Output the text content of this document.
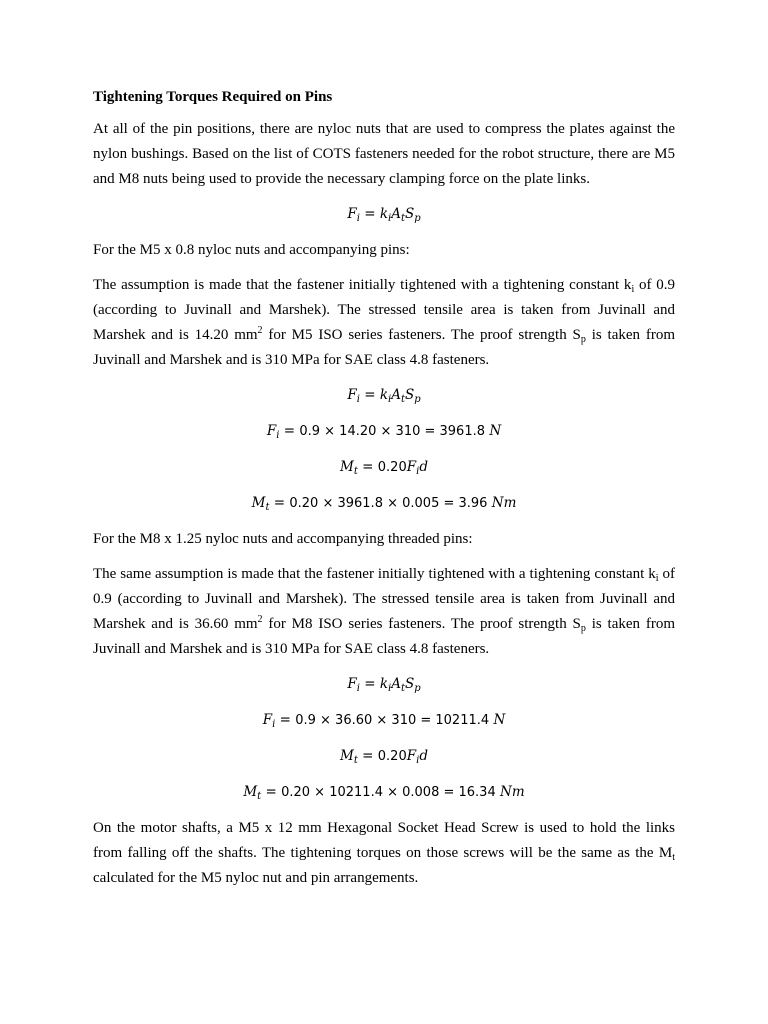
Tightening Torques Required on Pins

At all of the pin positions, there are nyloc nuts that are used to compress the plates against the nylon bushings. Based on the list of COTS fasteners needed for the robot structure, there are M5 and M8 nuts being used to provide the necessary clamping force on the plate links.

$F_i = k_iA_tS_p$

For the M5 x 0.8 nyloc nuts and accompanying pins:

The assumption is made that the fastener initially tightened with a tightening constant $k_i$ of 0.9 (according to Juvinall and Marshek). The stressed tensile area is taken from Juvinall and Marshek and is 14.20 $mm^2$ for M5 ISO series fasteners. The proof strength $S_p$ is taken from Juvinall and Marshek and is 310 MPa for SAE class 4.8 fasteners.

$F_i = k_iA_tS_p$

$F_i = 0.9 \times 14.20 \times 310 = 3961.8$ N

$M_t = 0.20F_id$

$M_t = 0.20 \times 3961.8 \times 0.005 = 3.96$ Nm

For the M8 x 1.25 nyloc nuts and accompanying threaded pins:

The same assumption is made that the fastener initially tightened with a tightening constant $k_i$ of 0.9 (according to Juvinall and Marshek). The stressed tensile area is taken from Juvinall and Marshek and is 36.60 $mm^2$ for M8 ISO series fasteners. The proof strength $S_p$ is taken from Juvinall and Marshek and is 310 MPa for SAE class 4.8 fasteners.

$F_i = k_iA_tS_p$

$F_i = 0.9 \times 36.60 \times 310 = 10211.4$ N

$M_t = 0.20F_id$

$M_t = 0.20 \times 10211.4 \times 0.008 = 16.34$ Nm

On the motor shafts, a M5 x 12 mm Hexagonal Socket Head Screw is used to hold the links from falling off the shafts. The tightening torques on those screws will be the same as the $M_t$ calculated for the M5 nyloc nut and pin arrangements.
